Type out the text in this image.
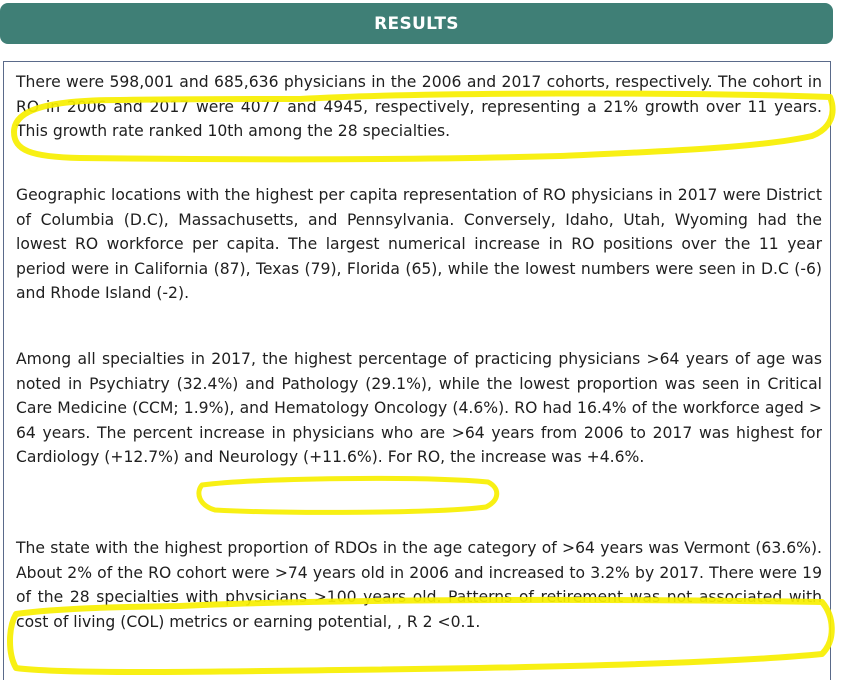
RESULTS

There were 598,001 and 685,636 physicians in the 2006 and 2017 cohorts, respectively. The cohort in RO in 2006 and 2017 were 4077 and 4945, respectively, representing a 21% growth over 11 years. This growth rate ranked 10th among the 28 specialties.

Geographic locations with the highest per capita representation of RO physicians in 2017 were District of Columbia (D.C), Massachusetts, and Pennsylvania. Conversely, Idaho, Utah, Wyoming had the lowest RO workforce per capita. The largest numerical increase in RO positions over the 11 year period were in California (87), Texas (79), Florida (65), while the lowest numbers were seen in D.C (-6) and Rhode Island (-2).

Among all specialties in 2017, the highest percentage of practicing physicians >64 years of age was noted in Psychiatry (32.4%) and Pathology (29.1%), while the lowest proportion was seen in Critical Care Medicine (CCM; 1.9%), and Hematology Oncology (4.6%). RO had 16.4% of the workforce aged > 64 years. The percent increase in physicians who are >64 years from 2006 to 2017 was highest for Cardiology (+12.7%) and Neurology (+11.6%). For RO, the increase was +4.6%.

The state with the highest proportion of RDOs in the age category of >64 years was Vermont (63.6%). About 2% of the RO cohort were >74 years old in 2006 and increased to 3.2% by 2017. There were 19 of the 28 specialties with physicians >100 years old. Patterns of retirement was not associated with cost of living (COL) metrics or earning potential, , R 2 <0.1.
